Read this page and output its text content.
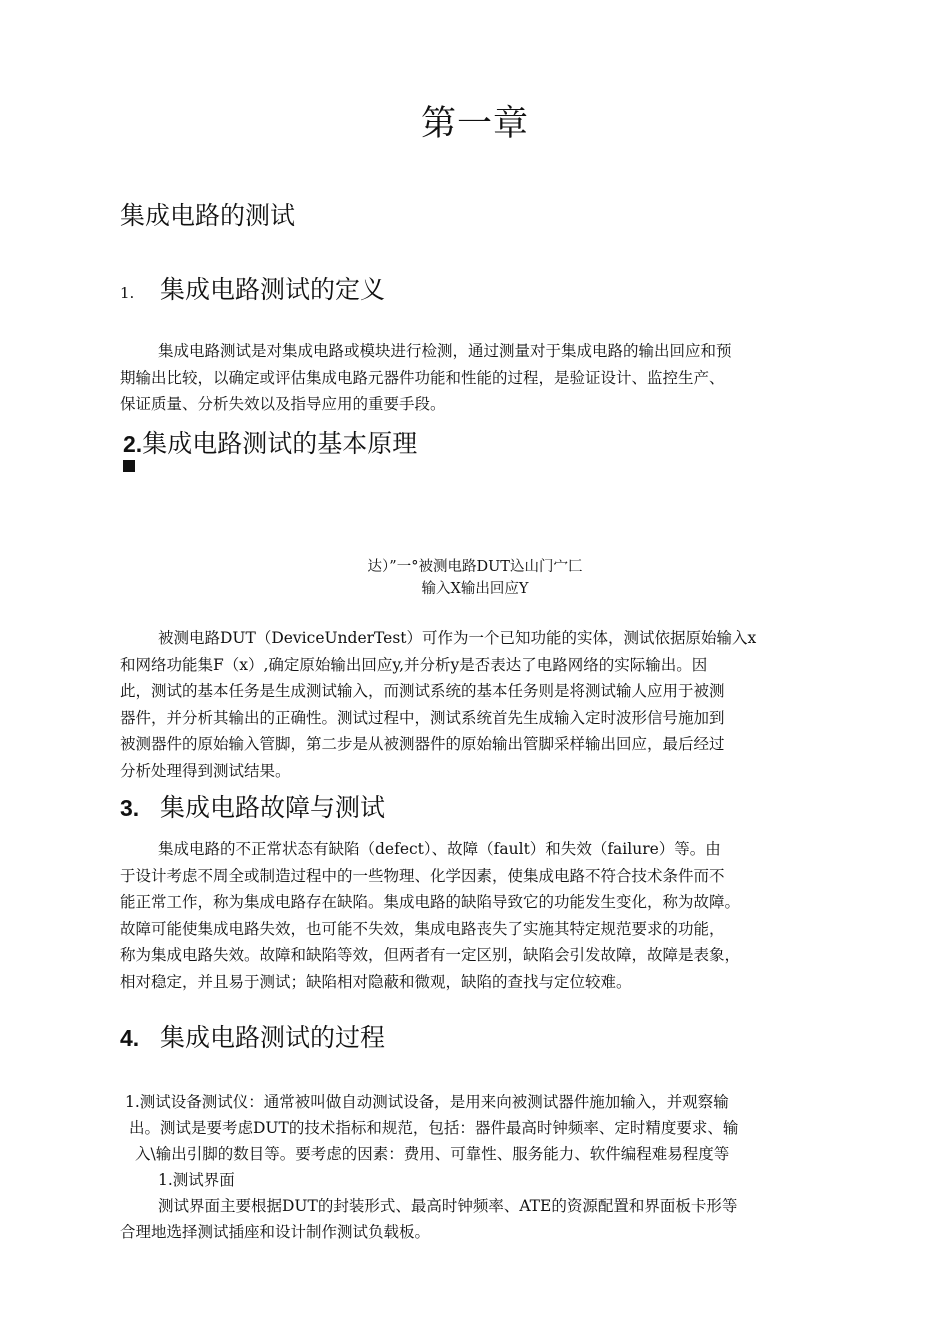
第一章
集成电路的测试
1. 集成电路测试的定义
集成电路测试是对集成电路或模块进行检测，通过测量对于集成电路的输出回应和预
期输出比较，以确定或评估集成电路元器件功能和性能的过程，是验证设计、监控生产、
保证质量、分析失效以及指导应用的重要手段。
2.集成电路测试的基本原理
达）”一°被测电路DUT込山门宀匚
输入X输出回应Y
被测电路DUT（DeviceUnderTest）可作为一个已知功能的实体，测试依据原始输入x
和网络功能集F（x）,确定原始输出回应y,并分析y是否表达了电路网络的实际输出。因
此，测试的基本任务是生成测试输入，而测试系统的基本任务则是将测试输人应用于被测
器件，并分析其输出的正确性。测试过程中，测试系统首先生成输入定时波形信号施加到
被测器件的原始输入管脚，第二步是从被测器件的原始输出管脚采样输出回应，最后经过
分析处理得到测试结果。
3. 集成电路故障与测试
集成电路的不正常状态有缺陷（defect）、故障（fault）和失效（failure）等。由
于设计考虑不周全或制造过程中的一些物理、化学因素，使集成电路不符合技术条件而不
能正常工作，称为集成电路存在缺陷。集成电路的缺陷导致它的功能发生变化，称为故障。
故障可能使集成电路失效，也可能不失效，集成电路丧失了实施其特定规范要求的功能，
称为集成电路失效。故障和缺陷等效，但两者有一定区别，缺陷会引发故障，故障是表象，
相对稳定，并且易于测试；缺陷相对隐蔽和微观，缺陷的查找与定位较难。
4. 集成电路测试的过程
1.测试设备测试仪：通常被叫做自动测试设备，是用来向被测试器件施加输入，并观察输
出。测试是要考虑DUT的技术指标和规范，包括：器件最高时钟频率、定时精度要求、输
入\输出引脚的数目等。要考虑的因素：费用、可靠性、服务能力、软件编程难易程度等
1.测试界面
测试界面主要根据DUT的封装形式、最高时钟频率、ATE的资源配置和界面板卡形等
合理地选择测试插座和设计制作测试负载板。
